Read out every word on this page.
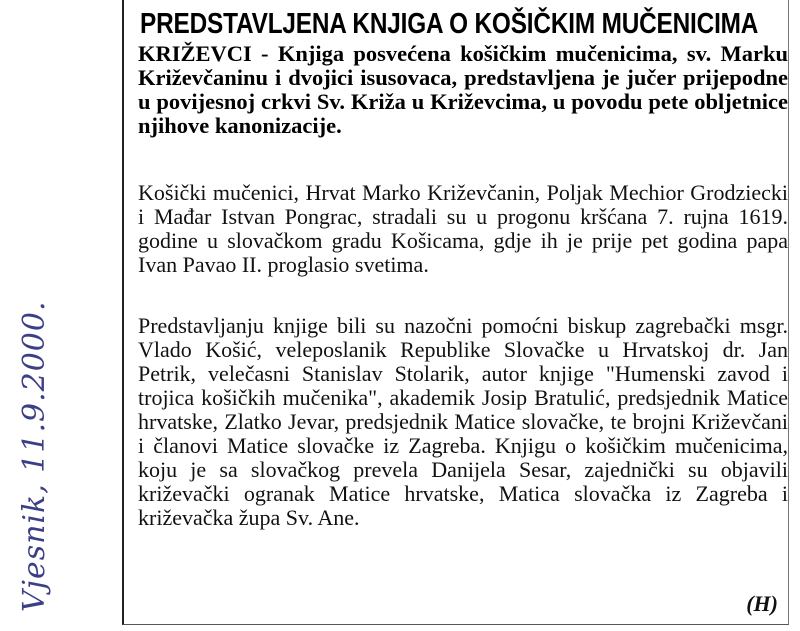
PREDSTAVLJENA KNJIGA O KOŠIČKIM MUČENICIMA

KRIŽEVCI - Knjiga posvećena košičkim mučenicima, sv. Marku Križevčaninu i dvojici isusovaca, predstavljena je jučer prijepodne u povijesnoj crkvi Sv. Križa u Križevcima, u povodu pete obljetnice njihove kanonizacije.

Košički mučenici, Hrvat Marko Križevčanin, Poljak Mechior Grodziecki i Mađar Istvan Pongrac, stradali su u progonu kršćana 7. rujna 1619. godine u slovačkom gradu Košicama, gdje ih je prije pet godina papa Ivan Pavao II. proglasio svetima.

Predstavljanju knjige bili su nazočni pomoćni biskup zagrebački msgr. Vlado Košić, veleposlanik Republike Slovačke u Hrvatskoj dr. Jan Petrik, velečasni Stanislav Stolarik, autor knjige "Humenski zavod i trojica košičkih mučenika", akademik Josip Bratulić, predsjednik Matice hrvatske, Zlatko Jevar, predsjednik Matice slovačke, te brojni Križevčani i članovi Matice slovačke iz Zagreba. Knjigu o košičkim mučenicima, koju je sa slovačkog prevela Danijela Sesar, zajednički su objavili križevački ogranak Matice hrvatske, Matica slovačka iz Zagreba i križevačka župa Sv. Ane.

(H)
Vjesnik, 11.9.2000.
